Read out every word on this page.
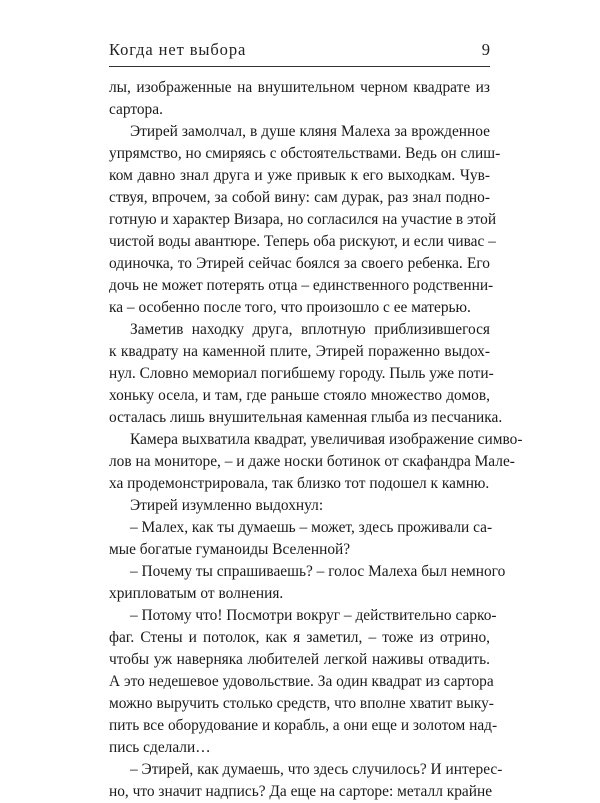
Когда нет выбора	9
лы, изображенные на внушительном черном квадрате из
сартора.
Этирей замолчал, в душе кляня Малеха за врожденное
упрямство, но смиряясь с обстоятельствами. Ведь он слиш-
ком давно знал друга и уже привык к его выходкам. Чув-
ствуя, впрочем, за собой вину: сам дурак, раз знал подно-
готную и характер Визара, но согласился на участие в этой
чистой воды авантюре. Теперь оба рискуют, и если чивас –
одиночка, то Этирей сейчас боялся за своего ребенка. Его
дочь не может потерять отца – единственного родственни-
ка – особенно после того, что произошло с ее матерью.
Заметив находку друга, вплотную приблизившегося
к квадрату на каменной плите, Этирей пораженно выдох-
нул. Словно мемориал погибшему городу. Пыль уже поти-
хоньку осела, и там, где раньше стояло множество домов,
осталась лишь внушительная каменная глыба из песчаника.
Камера выхватила квадрат, увеличивая изображение симво-
лов на мониторе, – и даже носки ботинок от скафандра Мале-
ха продемонстрировала, так близко тот подошел к камню.
Этирей изумленно выдохнул:
– Малех, как ты думаешь – может, здесь проживали са-
мые богатые гуманоиды Вселенной?
– Почему ты спрашиваешь? – голос Малеха был немного
хрипловатым от волнения.
– Потому что! Посмотри вокруг – действительно сарко-
фаг. Стены и потолок, как я заметил, – тоже из отрино,
чтобы уж наверняка любителей легкой наживы отвадить.
А это недешевое удовольствие. За один квадрат из сартора
можно выручить столько средств, что вполне хватит выку-
пить все оборудование и корабль, а они еще и золотом над-
пись сделали…
– Этирей, как думаешь, что здесь случилось? И интерес-
но, что значит надпись? Да еще на сарторе: металл крайне
